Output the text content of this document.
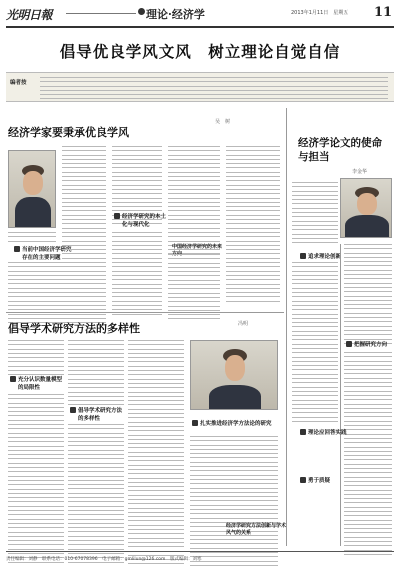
光明日報	理论·经济学	2013年1月11日　星期五 11
倡导优良学风文风　树立理论自觉自信
编者按
经济学家要秉承优良学风
吴　树
当前中国经济学研究存在的主要问题
经济学研究的本土化与现代化
中国经济学研究的未来方向
经济学论文的使命与担当
李金华
追求理论创新
把握研究方向
倡导学术研究方法的多样性	冯明
充分认识数量模型的局限性
倡导学术研究方法的多样性
扎实推进经济学方法论的研究
经济学研究方法创新与学术风气的关系
理论应回答实践
勇于质疑
责任编辑：刘静　联系电话：010-67078396　电子邮箱：gmlilun@126.com　版式编辑：刘寒
